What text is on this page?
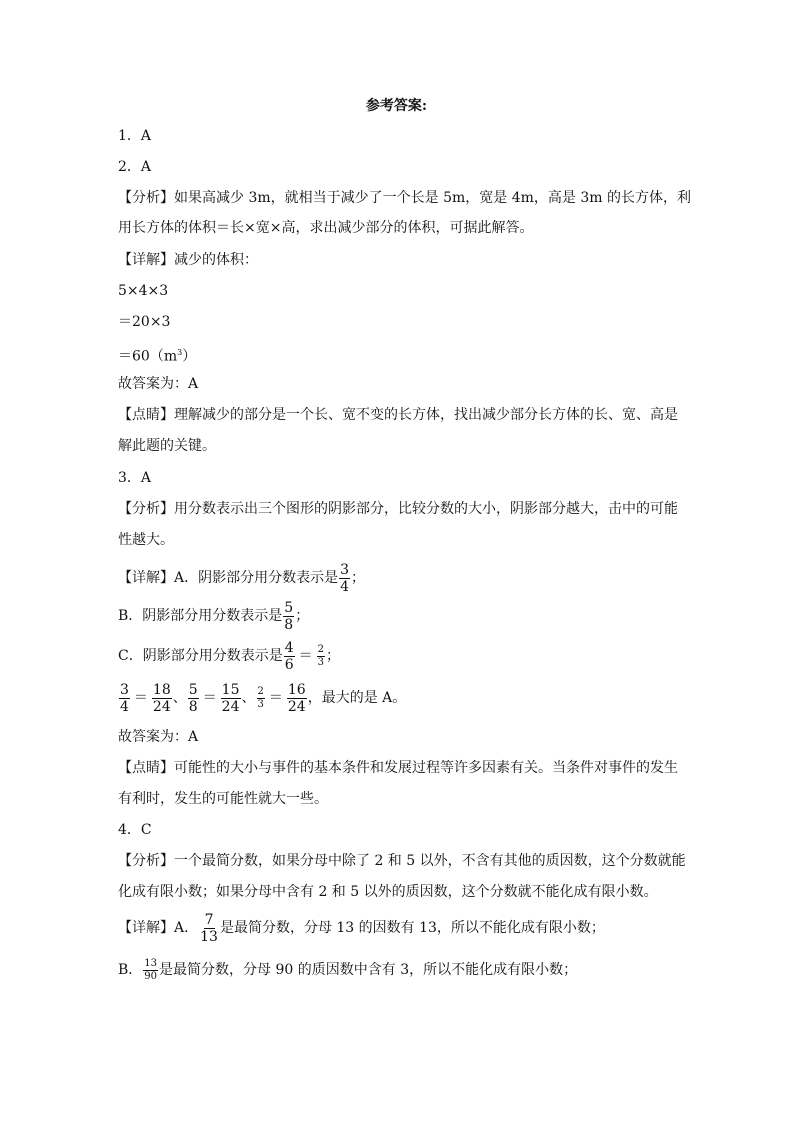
参考答案:
1．A
2．A
【分析】如果高减少 3m，就相当于减少了一个长是 5m，宽是 4m，高是 3m 的长方体，利
用长方体的体积＝长×宽×高，求出减少部分的体积，可据此解答。
【详解】减少的体积：
5×4×3
＝20×3
$=60(m^3)$
故答案为：A
【点睛】理解减少的部分是一个长、宽不变的长方体，找出减少部分长方体的长、宽、高是
解此题的关键。
3．A
【分析】用分数表示出三个图形的阴影部分，比较分数的大小，阴影部分越大，击中的可能
性越大。
【详解】A．阴影部分用分数表示是 $\frac{3}{4}$ ；
B．阴影部分用分数表示是 $\frac{5}{8}$ ；
C．阴影部分用分数表示是 $\frac{4}{6} = \frac{2}{3}$ ；
$\frac{3}{4} = \frac{18}{24}$ 、 $\frac{5}{8} = \frac{15}{24}$ 、 $\frac{2}{3} = \frac{16}{24}$ ，最大的是 A。
故答案为：A
【点睛】可能性的大小与事件的基本条件和发展过程等许多因素有关。当条件对事件的发生
有利时，发生的可能性就大一些。
4．C
【分析】一个最简分数，如果分母中除了 2 和 5 以外，不含有其他的质因数，这个分数就能
化成有限小数；如果分母中含有 2 和 5 以外的质因数，这个分数就不能化成有限小数。
【详解】A． $\frac{7}{13}$ 是最简分数，分母 13 的因数有 13，所以不能化成有限小数；
B． $\frac{13}{90}$ 是最简分数，分母 90 的质因数中含有 3，所以不能化成有限小数；
